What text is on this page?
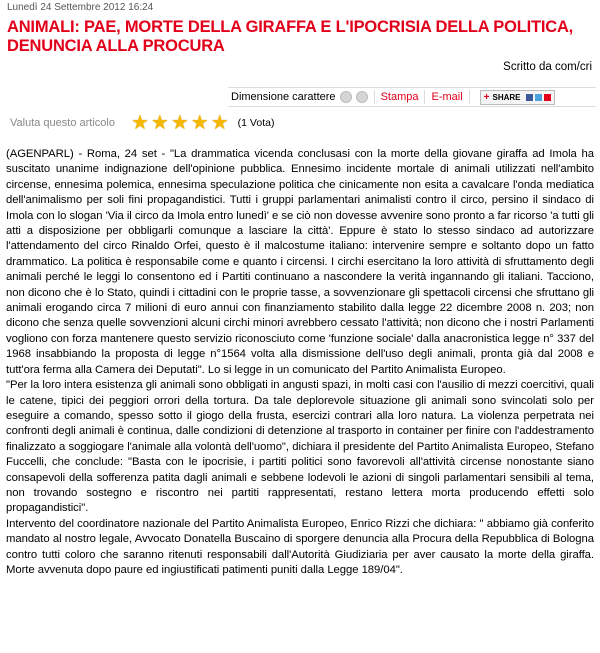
Lunedì 24 Settembre 2012 16:24
ANIMALI: PAE, MORTE DELLA GIRAFFA E L'IPOCRISIA DELLA POLITICA, DENUNCIA ALLA PROCURA
Scritto da com/cri
Dimensione carattere	Stampa E-mail + SHARE
Valuta questo articolo ★ ★ ★ ★ ★ (1 Vota)

(AGENPARL) - Roma, 24 set - "La drammatica vicenda conclusasi con la morte della giovane giraffa ad Imola ha suscitato unanime indignazione dell'opinione pubblica. Ennesimo incidente mortale di animali utilizzati nell'ambito circense, ennesima polemica, ennesima speculazione politica che cinicamente non esita a cavalcare l'onda mediatica dell'animalismo per soli fini propagandistici. Tutti i gruppi parlamentari animalisti contro il circo, persino il sindaco di Imola con lo slogan 'Via il circo da Imola entro lunedì' e se ciò non dovesse avvenire sono pronto a far ricorso 'a tutti gli atti a disposizione per obbligarli comunque a lasciare la città'. Eppure è stato lo stesso sindaco ad autorizzare l'attendamento del circo Rinaldo Orfei, questo è il malcostume italiano: intervenire sempre e soltanto dopo un fatto drammatico. La politica è responsabile come e quanto i circensi. I circhi esercitano la loro attività di sfruttamento degli animali perché le leggi lo consentono ed i Partiti continuano a nascondere la verità ingannando gli italiani. Tacciono, non dicono che è lo Stato, quindi i cittadini con le proprie tasse, a sovvenzionare gli spettacoli circensi che sfruttano gli animali erogando circa 7 milioni di euro annui con finanziamento stabilito dalla legge 22 dicembre 2008 n. 203; non dicono che senza quelle sovvenzioni alcuni circhi minori avrebbero cessato l'attività; non dicono che i nostri Parlamenti vogliono con forza mantenere questo servizio riconosciuto come 'funzione sociale' dalla anacronistica legge n° 337 del 1968 insabbiando la proposta di legge n°1564 volta alla dismissione dell'uso degli animali, pronta già dal 2008 e tutt'ora ferma alla Camera dei Deputati". Lo si legge in un comunicato del Partito Animalista Europeo.

"Per la loro intera esistenza gli animali sono obbligati in angusti spazi, in molti casi con l'ausilio di mezzi coercitivi, quali le catene, tipici dei peggiori orrori della tortura. Da tale deplorevole situazione gli animali sono svincolati solo per eseguire a comando, spesso sotto il giogo della frusta, esercizi contrari alla loro natura. La violenza perpetrata nei confronti degli animali è continua, dalle condizioni di detenzione al trasporto in container per finire con l'addestramento finalizzato a soggiogare l'animale alla volontà dell'uomo", dichiara il presidente del Partito Animalista Europeo, Stefano Fuccelli, che conclude: "Basta con le ipocrisie, i partiti politici sono favorevoli all'attività circense nonostante siano consapevoli della sofferenza patita dagli animali e sebbene lodevoli le azioni di singoli parlamentari sensibili al tema, non trovando sostegno e riscontro nei partiti rappresentati, restano lettera morta producendo effetti solo propagandistici".

Intervento del coordinatore nazionale del Partito Animalista Europeo, Enrico Rizzi che dichiara: " abbiamo già conferito mandato al nostro legale, Avvocato Donatella Buscaino di sporgere denuncia alla Procura della Repubblica di Bologna contro tutti coloro che saranno ritenuti responsabili dall'Autorità Giudiziaria per aver causato la morte della giraffa. Morte avvenuta dopo paure ed ingiustificati patimenti puniti dalla Legge 189/04".
